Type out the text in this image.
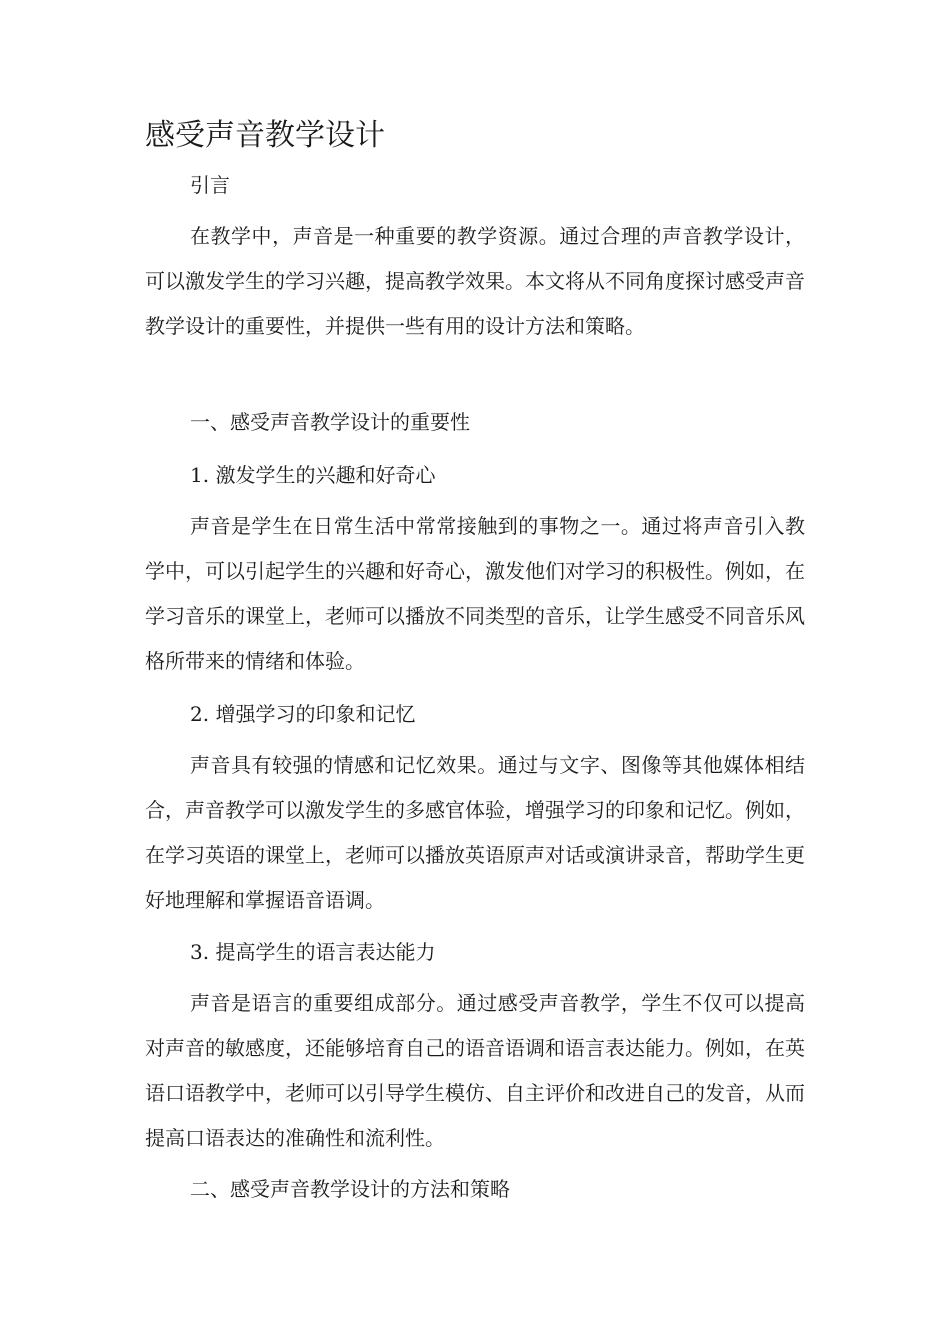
感受声音教学设计

引言

在教学中，声音是一种重要的教学资源。通过合理的声音教学设计，可以激发学生的学习兴趣，提高教学效果。本文将从不同角度探讨感受声音教学设计的重要性，并提供一些有用的设计方法和策略。

一、感受声音教学设计的重要性

1. 激发学生的兴趣和好奇心

声音是学生在日常生活中常常接触到的事物之一。通过将声音引入教学中，可以引起学生的兴趣和好奇心，激发他们对学习的积极性。例如，在学习音乐的课堂上，老师可以播放不同类型的音乐，让学生感受不同音乐风格所带来的情绪和体验。

2. 增强学习的印象和记忆

声音具有较强的情感和记忆效果。通过与文字、图像等其他媒体相结合，声音教学可以激发学生的多感官体验，增强学习的印象和记忆。例如，在学习英语的课堂上，老师可以播放英语原声对话或演讲录音，帮助学生更好地理解和掌握语音语调。

3. 提高学生的语言表达能力

声音是语言的重要组成部分。通过感受声音教学，学生不仅可以提高对声音的敏感度，还能够培育自己的语音语调和语言表达能力。例如，在英语口语教学中，老师可以引导学生模仿、自主评价和改进自己的发音，从而提高口语表达的准确性和流利性。

二、感受声音教学设计的方法和策略
